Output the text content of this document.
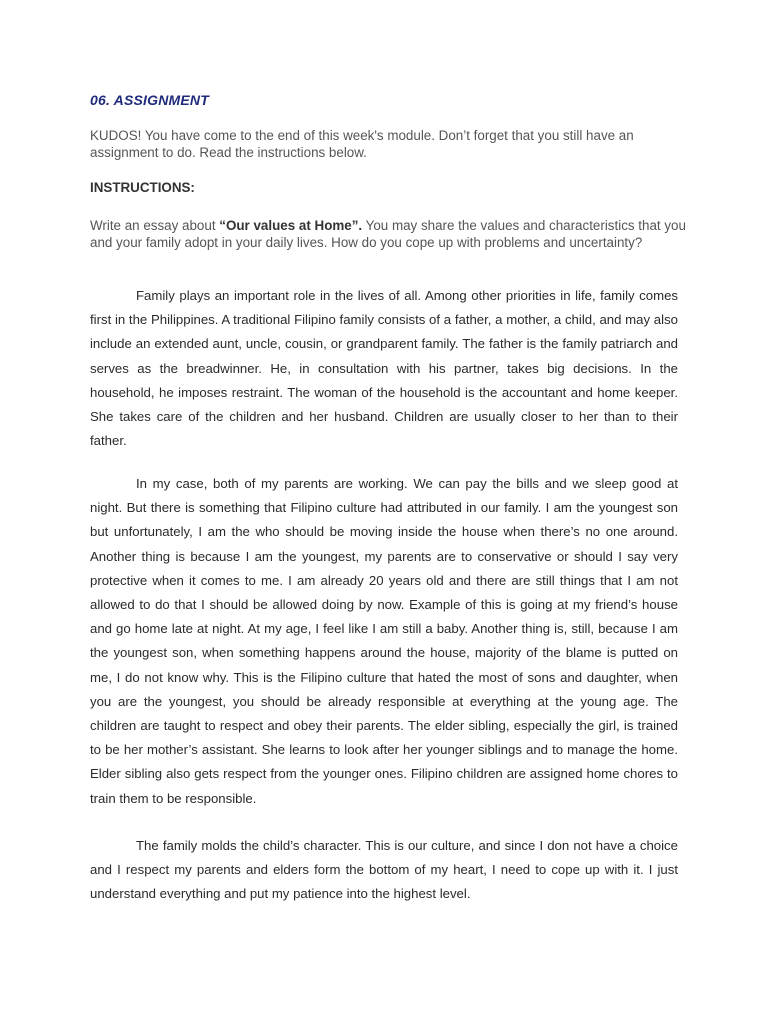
06. ASSIGNMENT

KUDOS! You have come to the end of this week's module. Don’t forget that you still have an assignment to do. Read the instructions below.

INSTRUCTIONS:

Write an essay about “Our values at Home”. You may share the values and characteristics that you and your family adopt in your daily lives. How do you cope up with problems and uncertainty?

Family plays an important role in the lives of all. Among other priorities in life, family comes first in the Philippines. A traditional Filipino family consists of a father, a mother, a child, and may also include an extended aunt, uncle, cousin, or grandparent family. The father is the family patriarch and serves as the breadwinner. He, in consultation with his partner, takes big decisions. In the household, he imposes restraint. The woman of the household is the accountant and home keeper. She takes care of the children and her husband. Children are usually closer to her than to their father.

In my case, both of my parents are working. We can pay the bills and we sleep good at night. But there is something that Filipino culture had attributed in our family. I am the youngest son but unfortunately, I am the who should be moving inside the house when there’s no one around. Another thing is because I am the youngest, my parents are to conservative or should I say very protective when it comes to me. I am already 20 years old and there are still things that I am not allowed to do that I should be allowed doing by now. Example of this is going at my friend’s house and go home late at night. At my age, I feel like I am still a baby. Another thing is, still, because I am the youngest son, when something happens around the house, majority of the blame is putted on me, I do not know why. This is the Filipino culture that hated the most of sons and daughter, when you are the youngest, you should be already responsible at everything at the young age. The children are taught to respect and obey their parents. The elder sibling, especially the girl, is trained to be her mother’s assistant. She learns to look after her younger siblings and to manage the home. Elder sibling also gets respect from the younger ones. Filipino children are assigned home chores to train them to be responsible.

The family molds the child’s character. This is our culture, and since I don not have a choice and I respect my parents and elders form the bottom of my heart, I need to cope up with it. I just understand everything and put my patience into the highest level.
